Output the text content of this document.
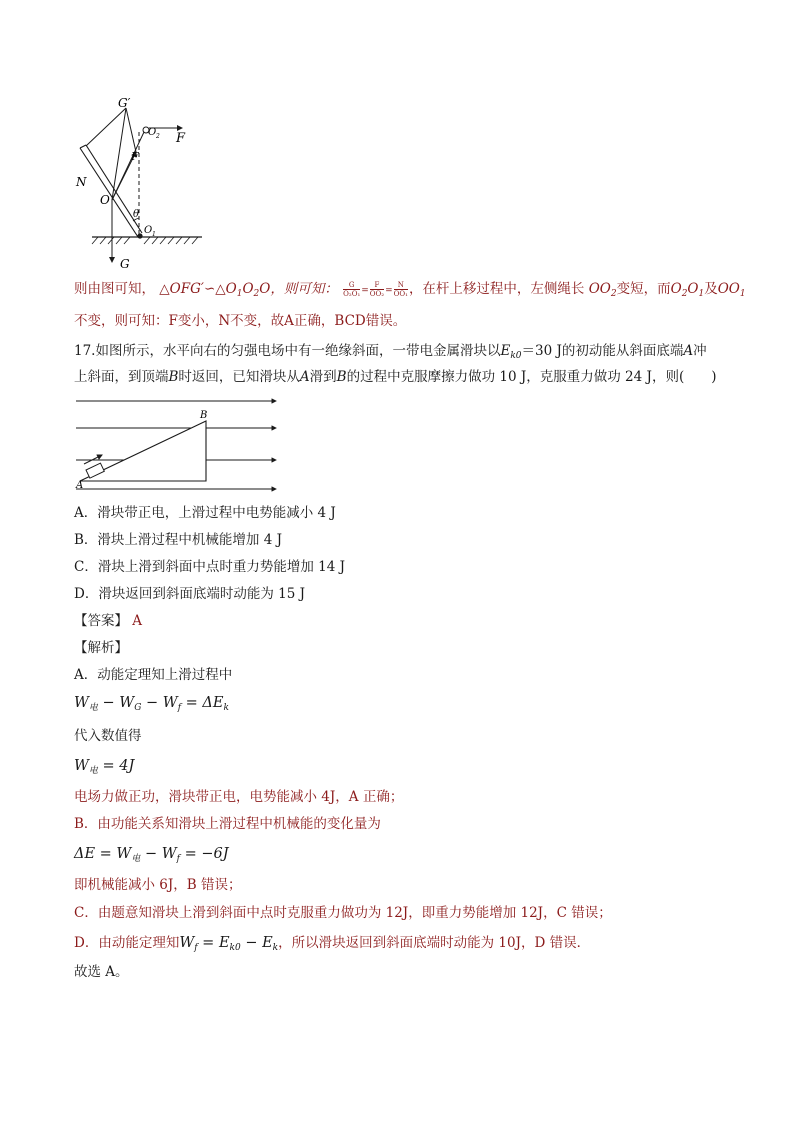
G′
O 2 F
F
N
O
θ
O 1
G
则由图可知， $\triangle OFG'∽\triangle O_1O_2O$，则可知： $\frac{G}{\text{O₂O₁}} = \frac{F}{\text{OO₂}} = \frac{N}{\text{OO₁}}$ ，在杆上移过程中，左侧绳长 $OO_2$变短，而$O_2O_1$及$OO_1$
不变，则可知：F变小，N不变，故A正确，BCD错误。
17.如图所示，水平向右的匀强电场中有一绝缘斜面，一带电金属滑块以$E_{k0}=30$ J的初动能从斜面底端A冲
上斜面，到顶端B时返回，已知滑块从A滑到B的过程中克服摩擦力做功 10 J，克服重力做功 24 J，则(　　)
A
B
A．滑块带正电，上滑过程中电势能减小 4 J
B．滑块上滑过程中机械能增加 4 J
C．滑块上滑到斜面中点时重力势能增加 14 J
D．滑块返回到斜面底端时动能为 15 J
【答案】 A
【解析】
A．动能定理知上滑过程中
$W_电 - W_G - W_f = \Delta E_k$
代入数值得
$W_电 = 4J$
电场力做正功，滑块带正电，电势能减小 4J，A 正确；
B．由功能关系知滑块上滑过程中机械能的变化量为
$\Delta E = W_电 - W_f = -6J$
即机械能减小 6J，B 错误；
C．由题意知滑块上滑到斜面中点时克服重力做功为 12J，即重力势能增加 12J，C 错误；
D．由动能定理知$W_f = E_{k0} - E_k$，所以滑块返回到斜面底端时动能为 10J，D 错误．
故选 A。
